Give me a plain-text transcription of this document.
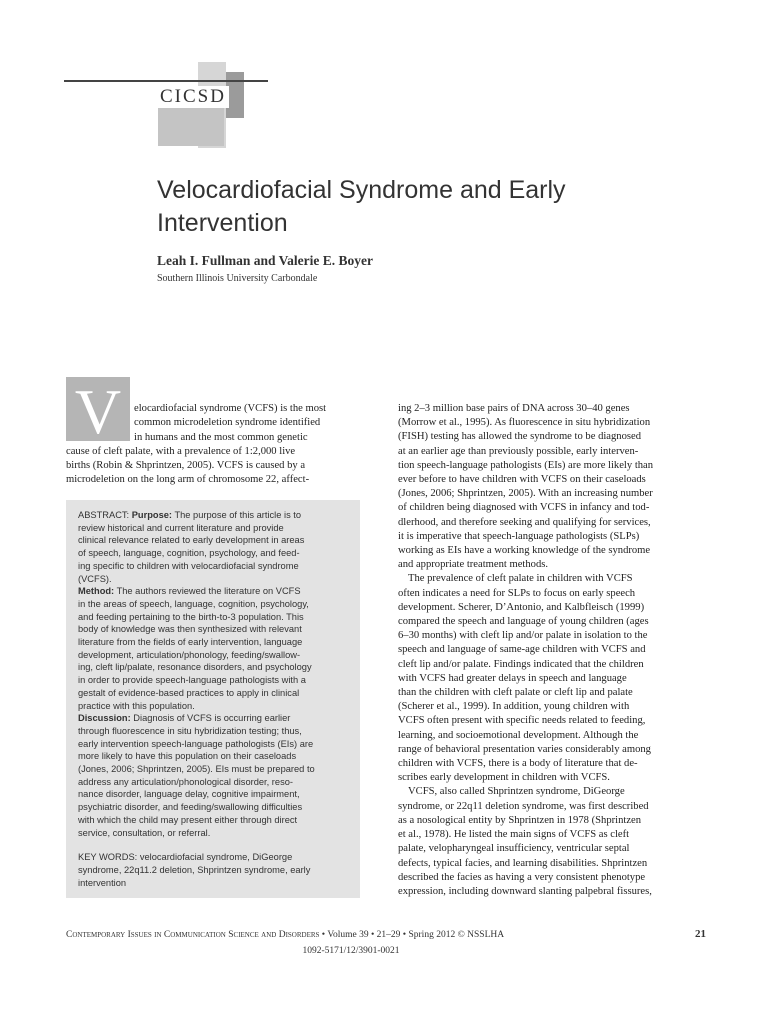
CICSD
Velocardiofacial Syndrome and Early Intervention
Leah I. Fullman and Valerie E. Boyer
Southern Illinois University Carbondale
V	elocardiofacial syndrome (VCFS) is the most
common microdeletion syndrome identified
in humans and the most common genetic
cause of cleft palate, with a prevalence of 1:2,000 live
births (Robin & Shprintzen, 2005). VCFS is caused by a
microdeletion on the long arm of chromosome 22, affect-
ABSTRACT: Purpose: The purpose of this article is to
review historical and current literature and provide
clinical relevance related to early development in areas
of speech, language, cognition, psychology, and feed-
ing specific to children with velocardiofacial syndrome
(VCFS).
Method: The authors reviewed the literature on VCFS
in the areas of speech, language, cognition, psychology,
and feeding pertaining to the birth-to-3 population. This
body of knowledge was then synthesized with relevant
literature from the fields of early intervention, language
development, articulation/phonology, feeding/swallow-
ing, cleft lip/palate, resonance disorders, and psychology
in order to provide speech-language pathologists with a
gestalt of evidence-based practices to apply in clinical
practice with this population.
Discussion: Diagnosis of VCFS is occurring earlier
through fluorescence in situ hybridization testing; thus,
early intervention speech-language pathologists (EIs) are
more likely to have this population on their caseloads
(Jones, 2006; Shprintzen, 2005). EIs must be prepared to
address any articulation/phonological disorder, reso-
nance disorder, language delay, cognitive impairment,
psychiatric disorder, and feeding/swallowing difficulties
with which the child may present either through direct
service, consultation, or referral.
KEY WORDS: velocardiofacial syndrome, DiGeorge
syndrome, 22q11.2 deletion, Shprintzen syndrome, early
intervention
ing 2–3 million base pairs of DNA across 30–40 genes
(Morrow et al., 1995). As fluorescence in situ hybridization
(FISH) testing has allowed the syndrome to be diagnosed
at an earlier age than previously possible, early interven-
tion speech-language pathologists (EIs) are more likely than
ever before to have children with VCFS on their caseloads
(Jones, 2006; Shprintzen, 2005). With an increasing number
of children being diagnosed with VCFS in infancy and tod-
dlerhood, and therefore seeking and qualifying for services,
it is imperative that speech-language pathologists (SLPs)
working as EIs have a working knowledge of the syndrome
and appropriate treatment methods.
The prevalence of cleft palate in children with VCFS
often indicates a need for SLPs to focus on early speech
development. Scherer, D’Antonio, and Kalbfleisch (1999)
compared the speech and language of young children (ages
6–30 months) with cleft lip and/or palate in isolation to the
speech and language of same-age children with VCFS and
cleft lip and/or palate. Findings indicated that the children
with VCFS had greater delays in speech and language
than the children with cleft palate or cleft lip and palate
(Scherer et al., 1999). In addition, young children with
VCFS often present with specific needs related to feeding,
learning, and socioemotional development. Although the
range of behavioral presentation varies considerably among
children with VCFS, there is a body of literature that de-
scribes early development in children with VCFS.
VCFS, also called Shprintzen syndrome, DiGeorge
syndrome, or 22q11 deletion syndrome, was first described
as a nosological entity by Shprintzen in 1978 (Shprintzen
et al., 1978). He listed the main signs of VCFS as cleft
palate, velopharyngeal insufficiency, ventricular septal
defects, typical facies, and learning disabilities. Shprintzen
described the facies as having a very consistent phenotype
expression, including downward slanting palpebral fissures,
Contemporary Issues in Communication Science and Disorders • Volume 39 • 21–29 • Spring 2012 © NSSLHA
1092-5171/12/3901-0021
21
